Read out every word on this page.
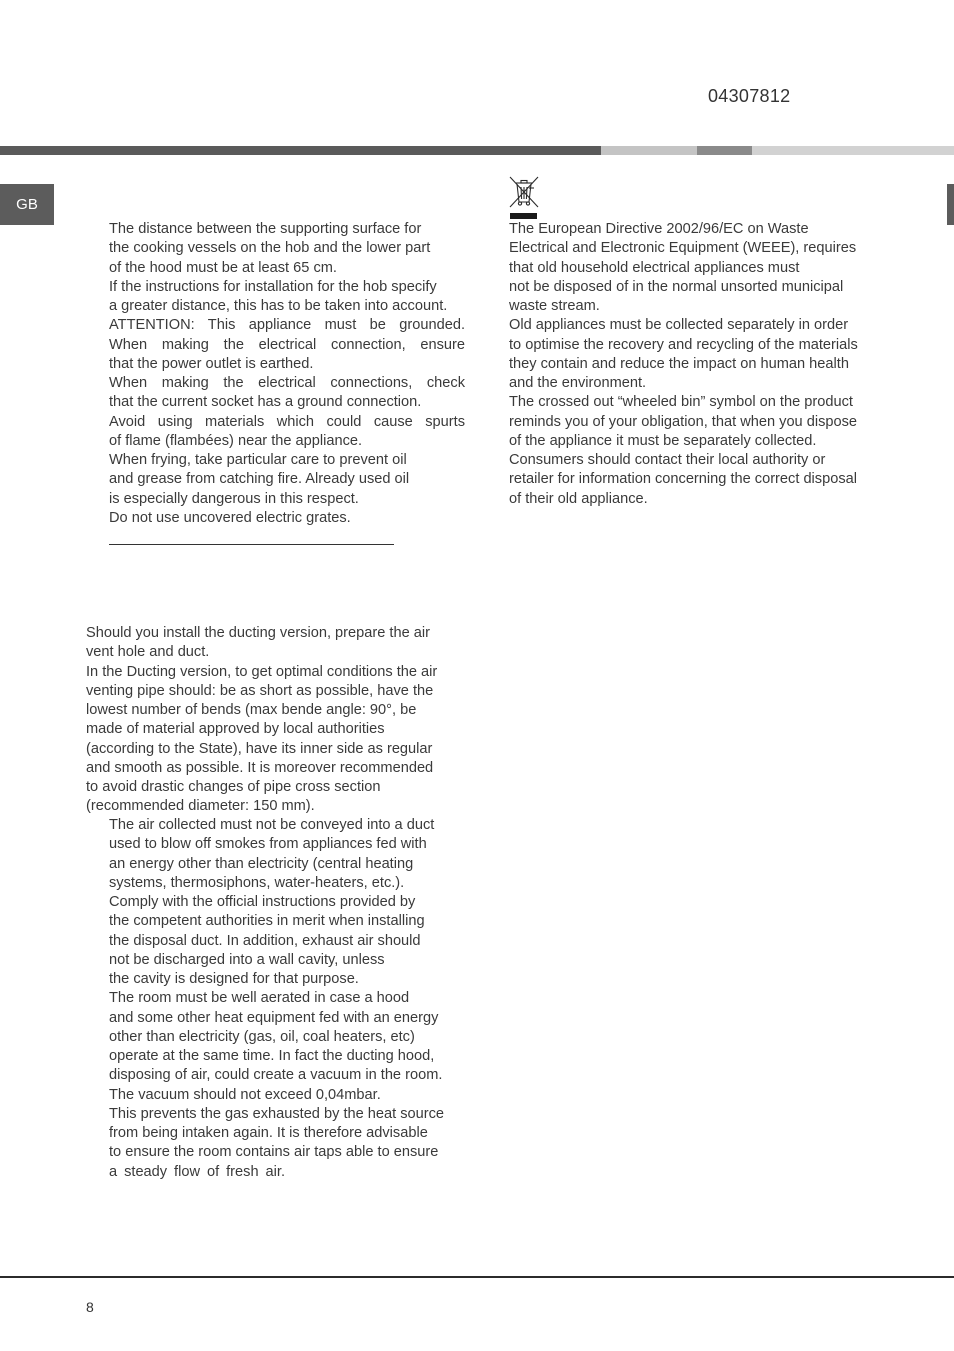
04307812
GB
The distance between the supporting surface for
the cooking vessels on the hob and the lower part
of the hood must be at least 65 cm.
If the instructions for installation for the hob specify
a greater distance, this has to be taken into account.
ATTENTION: This appliance must be grounded.
When making the electrical connection, ensure
that the power outlet is earthed.
When making the electrical connections, check
that the current socket has a ground connection.
Avoid using materials which could cause spurts
of flame (flambées) near the appliance.
When frying, take particular care to prevent oil
and grease from catching fire. Already used oil
is especially dangerous in this respect.
Do not use uncovered electric grates.
Should you install the ducting version, prepare the air
vent hole and duct.
In the Ducting version, to get optimal conditions the air
venting pipe should: be as short as possible, have the
lowest number of bends (max bende angle: 90°, be
made of material approved by local authorities
(according to the State), have its inner side as regular
and smooth as possible. It is moreover recommended
to avoid drastic changes of pipe cross section
(recommended diameter: 150 mm).
The air collected must not be conveyed into a duct
used to blow off smokes from appliances fed with
an energy other than electricity (central heating
systems, thermosiphons, water-heaters, etc.).
Comply with the official instructions provided by
the competent authorities in merit when installing
the disposal duct. In addition, exhaust air should
not be discharged into a wall cavity, unless
the cavity is designed for that purpose.
The room must be well aerated in case a hood
and some other heat equipment fed with an energy
other than electricity (gas, oil, coal heaters, etc)
operate at the same time. In fact the ducting hood,
disposing of air, could create a vacuum in the room.
The vacuum should not exceed 0,04mbar.
This prevents the gas exhausted by the heat source
from being intaken again. It is therefore advisable
to ensure the room contains air taps able to ensure
a steady flow of fresh air.
The European Directive 2002/96/EC on Waste
Electrical and Electronic Equipment (WEEE), requires
that old household electrical appliances must
not be disposed of in the normal unsorted municipal
waste stream.
Old appliances must be collected separately in order
to optimise the recovery and recycling of the materials
they contain and reduce the impact on human health
and the environment.
The crossed out “wheeled bin” symbol on the product
reminds you of your obligation, that when you dispose
of the appliance it must be separately collected.
Consumers should contact their local authority or
retailer for information concerning the correct disposal
of their old appliance.
8
